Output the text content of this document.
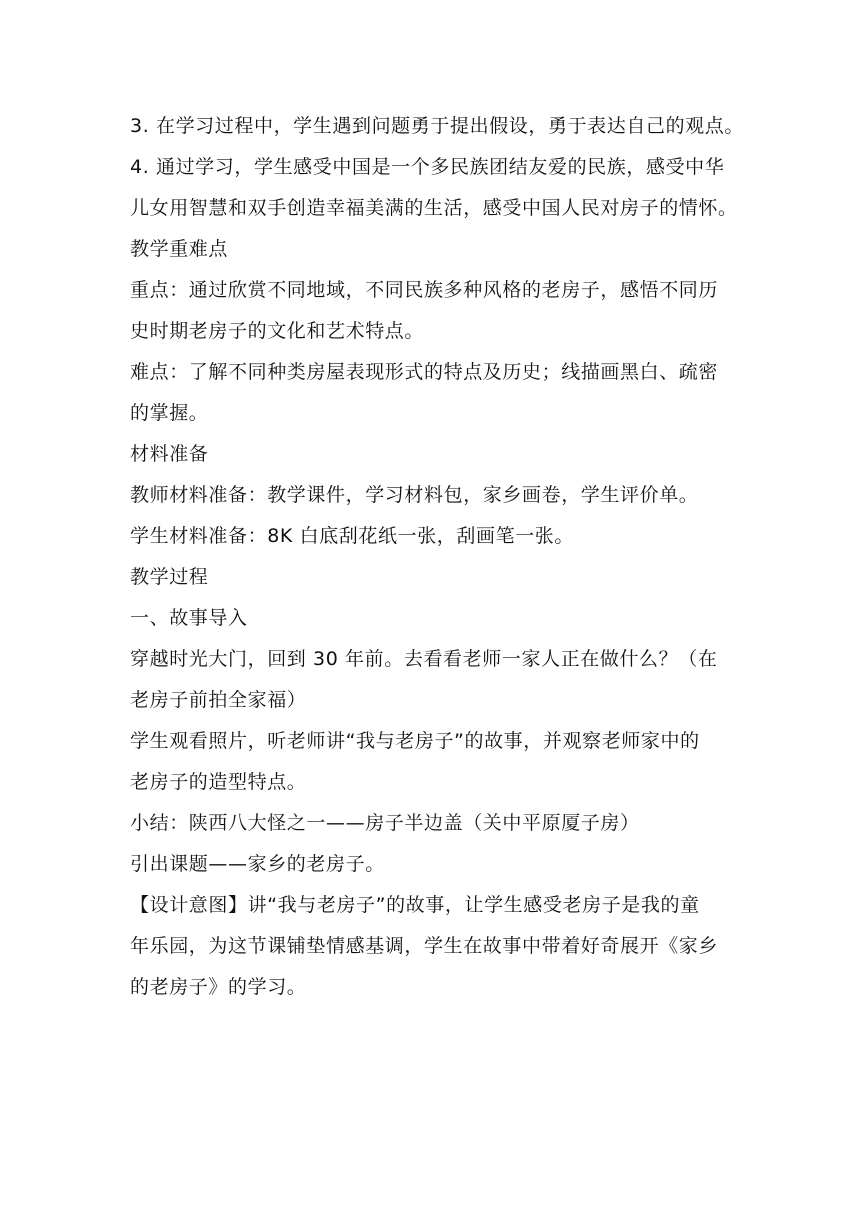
3. 在学习过程中，学生遇到问题勇于提出假设，勇于表达自己的观点。
4. 通过学习，学生感受中国是一个多民族团结友爱的民族，感受中华
儿女用智慧和双手创造幸福美满的生活，感受中国人民对房子的情怀。
教学重难点
重点：通过欣赏不同地域，不同民族多种风格的老房子，感悟不同历
史时期老房子的文化和艺术特点。
难点：了解不同种类房屋表现形式的特点及历史；线描画黑白、疏密
的掌握。
材料准备
教师材料准备：教学课件，学习材料包，家乡画卷，学生评价单。
学生材料准备：8K 白底刮花纸一张，刮画笔一张。
教学过程
一、故事导入
穿越时光大门，回到 30 年前。去看看老师一家人正在做什么？（在
老房子前拍全家福）
学生观看照片，听老师讲“我与老房子”的故事，并观察老师家中的
老房子的造型特点。
小结：陕西八大怪之一——房子半边盖（关中平原厦子房）
引出课题——家乡的老房子。
【设计意图】讲“我与老房子”的故事，让学生感受老房子是我的童
年乐园，为这节课铺垫情感基调，学生在故事中带着好奇展开《家乡
的老房子》的学习。
